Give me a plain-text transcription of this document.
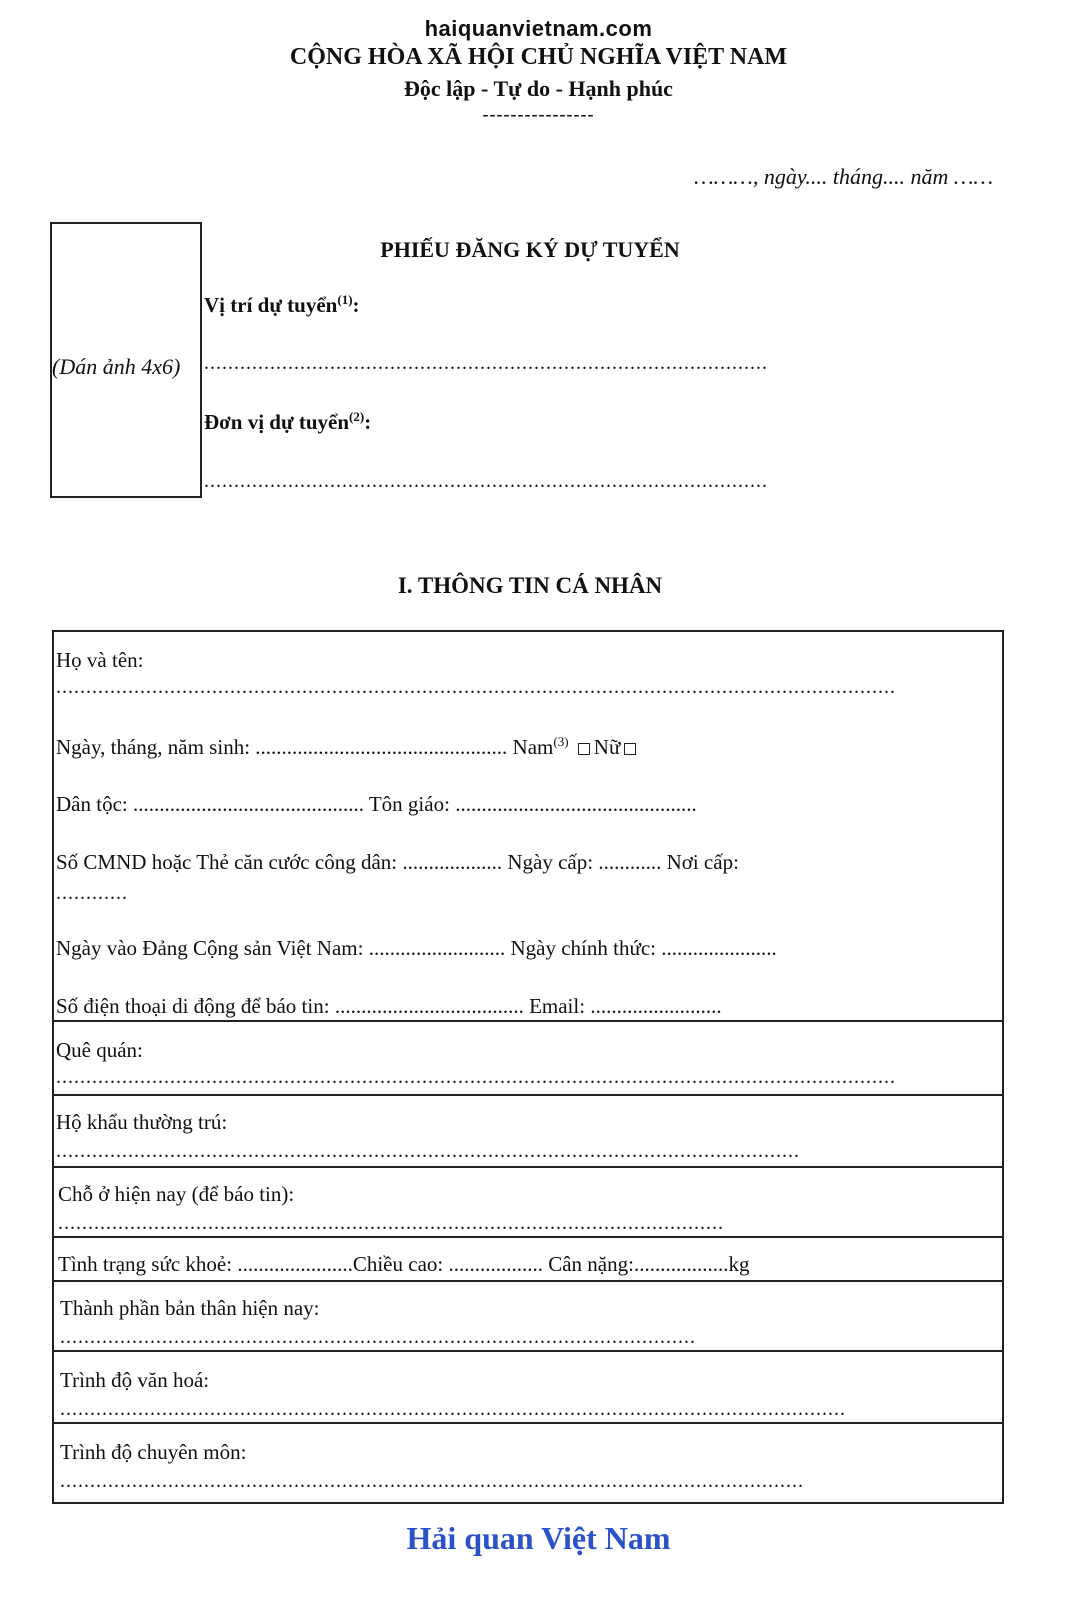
haiquanvietnam.com
CỘNG HÒA XÃ HỘI CHỦ NGHĨA VIỆT NAM
Độc lập - Tự do - Hạnh phúc
----------------
………, ngày.... tháng.... năm ……
(Dán ảnh 4x6)
PHIẾU ĐĂNG KÝ DỰ TUYỂN
Vị trí dự tuyển$^{(1)}$:
..............................................................................................
Đơn vị dự tuyển$^{(2)}$:
..............................................................................................
I. THÔNG TIN CÁ NHÂN
Họ và tên:
............................................................................................................................................
Ngày, tháng, năm sinh: ................................................ Nam$^{(3)}$ Nữ
Dân tộc: ............................................ Tôn giáo: ..............................................
Số CMND hoặc Thẻ căn cước công dân: ................... Ngày cấp: ............ Nơi cấp:
............
Ngày vào Đảng Cộng sản Việt Nam: .......................... Ngày chính thức: ......................
Số điện thoại di động để báo tin: .................................... Email: .........................
Quê quán:
............................................................................................................................................
Hộ khẩu thường trú:
............................................................................................................................
Chỗ ở hiện nay (để báo tin):
...............................................................................................................
Tình trạng sức khoẻ: ......................Chiều cao: .................. Cân nặng:..................kg
Thành phần bản thân hiện nay:
..........................................................................................................
Trình độ văn hoá:
...................................................................................................................................
Trình độ chuyên môn:
............................................................................................................................
Hải quan Việt Nam
